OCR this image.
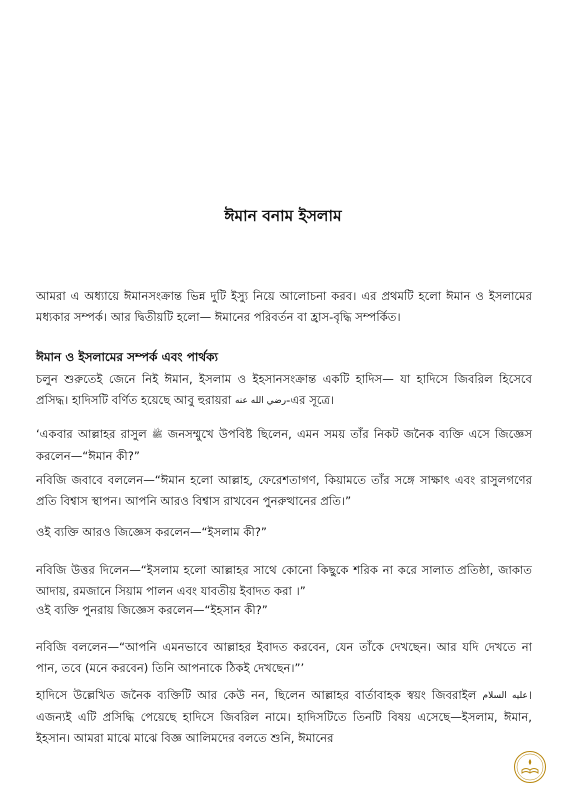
ঈমান বনাম ইসলাম

আমরা এ অধ্যায়ে ঈমানসংক্রান্ত ভিন্ন দুটি ইস্যু নিয়ে আলোচনা করব। এর প্রথমটি হলো ঈমান ও ইসলামের মধ্যকার সম্পর্ক। আর দ্বিতীয়টি হলো— ঈমানের পরিবর্তন বা হ্রাস-বৃদ্ধি সম্পর্কিত।

ঈমান ও ইসলামের সম্পর্ক এবং পার্থক্য

চলুন শুরুতেই জেনে নিই ঈমান, ইসলাম ও ইহসানসংক্রান্ত একটি হাদিস— যা হাদিসে জিবরিল হিসেবে প্রসিদ্ধ। হাদিসটি বর্ণিত হয়েছে আবু হুরায়রা رضي الله عنه-এর সূত্রে।

‘একবার আল্লাহর রাসুল ﷺ জনসম্মুখে উপবিষ্ট ছিলেন, এমন সময় তাঁর নিকট জনৈক ব্যক্তি এসে জিজ্ঞেস করলেন—“ঈমান কী?”

নবিজি জবাবে বললেন—“ঈমান হলো আল্লাহ, ফেরেশতাগণ, কিয়ামতে তাঁর সঙ্গে সাক্ষাৎ এবং রাসুলগণের প্রতি বিশ্বাস স্থাপন। আপনি আরও বিশ্বাস রাখবেন পুনরুত্থানের প্রতি।”

ওই ব্যক্তি আরও জিজ্ঞেস করলেন—“ইসলাম কী?”

নবিজি উত্তর দিলেন—“ইসলাম হলো আল্লাহর সাথে কোনো কিছুকে শরিক না করে সালাত প্রতিষ্ঠা, জাকাত আদায়, রমজানে সিয়াম পালন এবং যাবতীয় ইবাদত করা ।”

ওই ব্যক্তি পুনরায় জিজ্ঞেস করলেন—“ইহসান কী?”

নবিজি বললেন—“আপনি এমনভাবে আল্লাহর ইবাদত করবেন, যেন তাঁকে দেখছেন। আর যদি দেখতে না পান, তবে (মনে করবেন) তিনি আপনাকে ঠিকই দেখছেন।”’

হাদিসে উল্লেখিত জনৈক ব্যক্তিটি আর কেউ নন, ছিলেন আল্লাহর বার্তাবাহক স্বয়ং জিবরাইল عليه السلام। এজন্যই এটি প্রসিদ্ধি পেয়েছে হাদিসে জিবরিল নামে। হাদিসটিতে তিনটি বিষয় এসেছে—ইসলাম, ঈমান, ইহসান। আমরা মাঝে মাঝে বিজ্ঞ আলিমদের বলতে শুনি, ঈমানের
